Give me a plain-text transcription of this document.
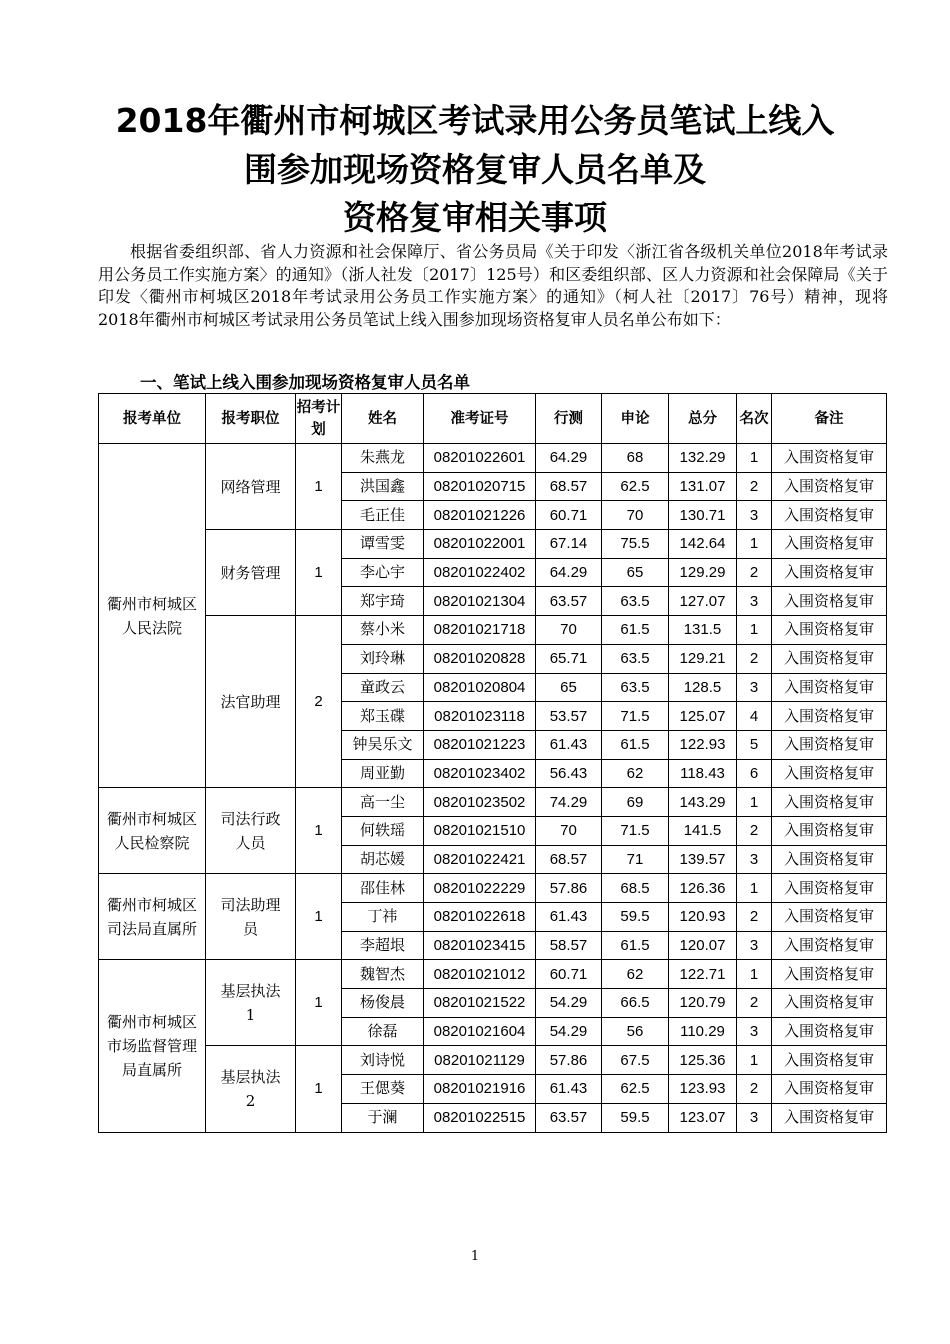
2018年衢州市柯城区考试录用公务员笔试上线入
围参加现场资格复审人员名单及
资格复审相关事项

根据省委组织部、省人力资源和社会保障厅、省公务员局《关于印发〈浙江省各级机关单位2018年考试录用公务员工作实施方案〉的通知》（浙人社发〔2017〕125号）和区委组织部、区人力资源和社会保障局《关于印发〈衢州市柯城区2018年考试录用公务员工作实施方案〉的通知》（柯人社〔2017〕76号）精神，现将2018年衢州市柯城区考试录用公务员笔试上线入围参加现场资格复审人员名单公布如下：

一、笔试上线入围参加现场资格复审人员名单
报考单位	报考职位	招考计划	姓名	准考证号	行测	申论	总分	名次	备注
衢州市柯城区人民法院	网络管理	1	朱燕龙	08201022601	64.29	68	132.29	1	入围资格复审
			洪国鑫	08201020715	68.57	62.5	131.07	2	入围资格复审
			毛正佳	08201021226	60.71	70	130.71	3	入围资格复审
	财务管理	1	谭雪雯	08201022001	67.14	75.5	142.64	1	入围资格复审
			李心宇	08201022402	64.29	65	129.29	2	入围资格复审
			郑宇琦	08201021304	63.57	63.5	127.07	3	入围资格复审
	法官助理	2	蔡小米	08201021718	70	61.5	131.5	1	入围资格复审
			刘玲琳	08201020828	65.71	63.5	129.21	2	入围资格复审
			童政云	08201020804	65	63.5	128.5	3	入围资格复审
			郑玉碟	08201023118	53.57	71.5	125.07	4	入围资格复审
			钟吴乐文	08201021223	61.43	61.5	122.93	5	入围资格复审
			周亚勤	08201023402	56.43	62	118.43	6	入围资格复审
衢州市柯城区人民检察院	司法行政人员	1	高一尘	08201023502	74.29	69	143.29	1	入围资格复审
			何轶瑶	08201021510	70	71.5	141.5	2	入围资格复审
			胡芯媛	08201022421	68.57	71	139.57	3	入围资格复审
衢州市柯城区司法局直属所	司法助理员	1	邵佳林	08201022229	57.86	68.5	126.36	1	入围资格复审
			丁祎	08201022618	61.43	59.5	120.93	2	入围资格复审
			李超垠	08201023415	58.57	61.5	120.07	3	入围资格复审
衢州市柯城区市场监督管理局直属所	基层执法1	1	魏智杰	08201021012	60.71	62	122.71	1	入围资格复审
			杨俊晨	08201021522	54.29	66.5	120.79	2	入围资格复审
			徐磊	08201021604	54.29	56	110.29	3	入围资格复审
	基层执法2	1	刘诗悦	08201021129	57.86	67.5	125.36	1	入围资格复审
			王偲葵	08201021916	61.43	62.5	123.93	2	入围资格复审
			于澜	08201022515	63.57	59.5	123.07	3	入围资格复审
1
